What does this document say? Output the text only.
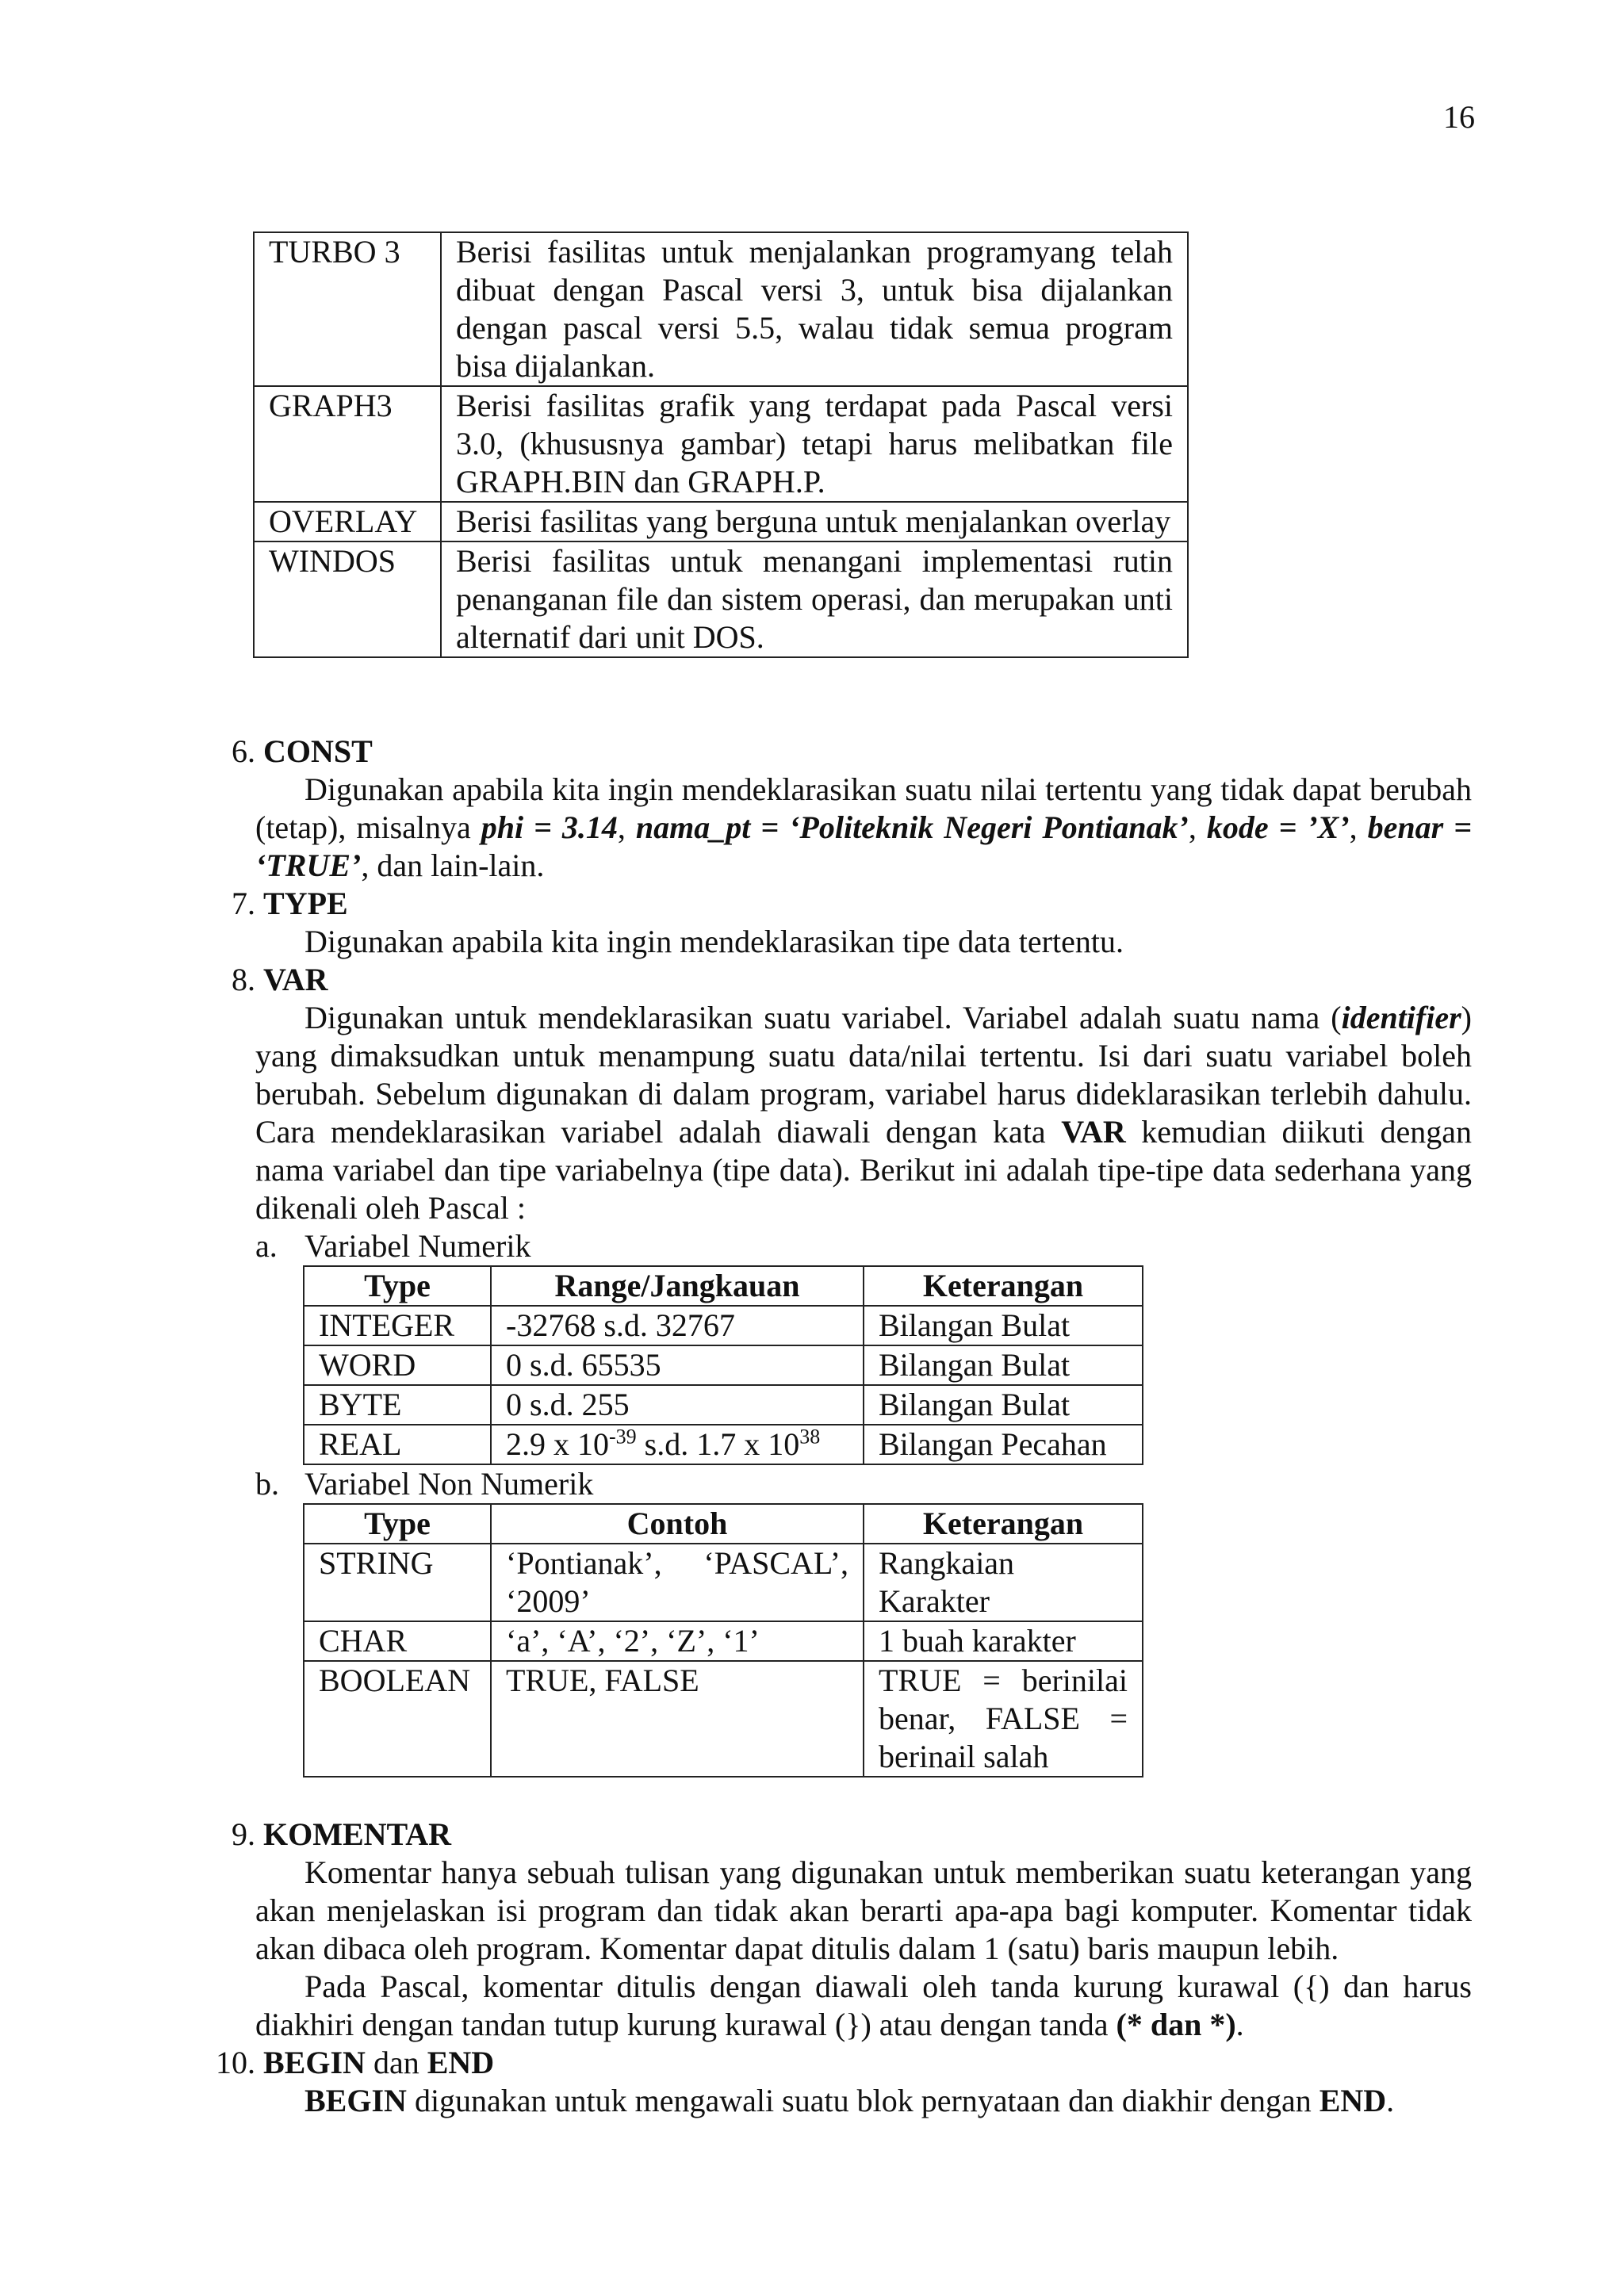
16
TURBO 3	Berisi fasilitas untuk menjalankan programyang telah dibuat dengan Pascal versi 3, untuk bisa dijalankan dengan pascal versi 5.5, walau tidak semua program bisa dijalankan.
GRAPH3	Berisi fasilitas grafik yang terdapat pada Pascal versi 3.0, (khususnya gambar) tetapi harus melibatkan file GRAPH.BIN dan GRAPH.P.
OVERLAY	Berisi fasilitas yang berguna untuk menjalankan overlay
WINDOS	Berisi fasilitas untuk menangani implementasi rutin penanganan file dan sistem operasi, dan merupakan unti alternatif dari unit DOS.
6. CONST

Digunakan apabila kita ingin mendeklarasikan suatu nilai tertentu yang tidak dapat berubah (tetap), misalnya phi = 3.14, nama_pt = ‘Politeknik Negeri Pontianak’, kode = ’X’, benar = ‘TRUE’, dan lain-lain.

7. TYPE

Digunakan apabila kita ingin mendeklarasikan tipe data tertentu.

8. VAR

Digunakan untuk mendeklarasikan suatu variabel. Variabel adalah suatu nama (identifier) yang dimaksudkan untuk menampung suatu data/nilai tertentu. Isi dari suatu variabel boleh berubah. Sebelum digunakan di dalam program, variabel harus dideklarasikan terlebih dahulu. Cara mendeklarasikan variabel adalah diawali dengan kata VAR kemudian diikuti dengan nama variabel dan tipe variabelnya (tipe data). Berikut ini adalah tipe-tipe data sederhana yang dikenali oleh Pascal :

a. Variabel Numerik
Type	Range/Jangkauan	Keterangan
INTEGER	-32768 s.d. 32767	Bilangan Bulat
WORD	0 s.d. 65535	Bilangan Bulat
BYTE	0 s.d. 255	Bilangan Bulat
REAL	2.9 x $10^{-39}$ s.d. 1.7 x $10^{38}$	Bilangan Pecahan
b. Variabel Non Numerik
Type	Contoh	Keterangan
STRING	‘Pontianak’, ‘PASCAL’, ‘2009’	Rangkaian Karakter
CHAR	‘a’, ‘A’, ‘2’, ‘Z’, ‘1’	1 buah karakter
BOOLEAN	TRUE, FALSE	TRUE = berinilai benar, FALSE = berinail salah
9. KOMENTAR

Komentar hanya sebuah tulisan yang digunakan untuk memberikan suatu keterangan yang akan menjelaskan isi program dan tidak akan berarti apa-apa bagi komputer. Komentar tidak akan dibaca oleh program. Komentar dapat ditulis dalam 1 (satu) baris maupun lebih.

Pada Pascal, komentar ditulis dengan diawali oleh tanda kurung kurawal ({) dan harus diakhiri dengan tandan tutup kurung kurawal (}) atau dengan tanda (* dan *).

10. BEGIN dan END

BEGIN digunakan untuk mengawali suatu blok pernyataan dan diakhir dengan END.
